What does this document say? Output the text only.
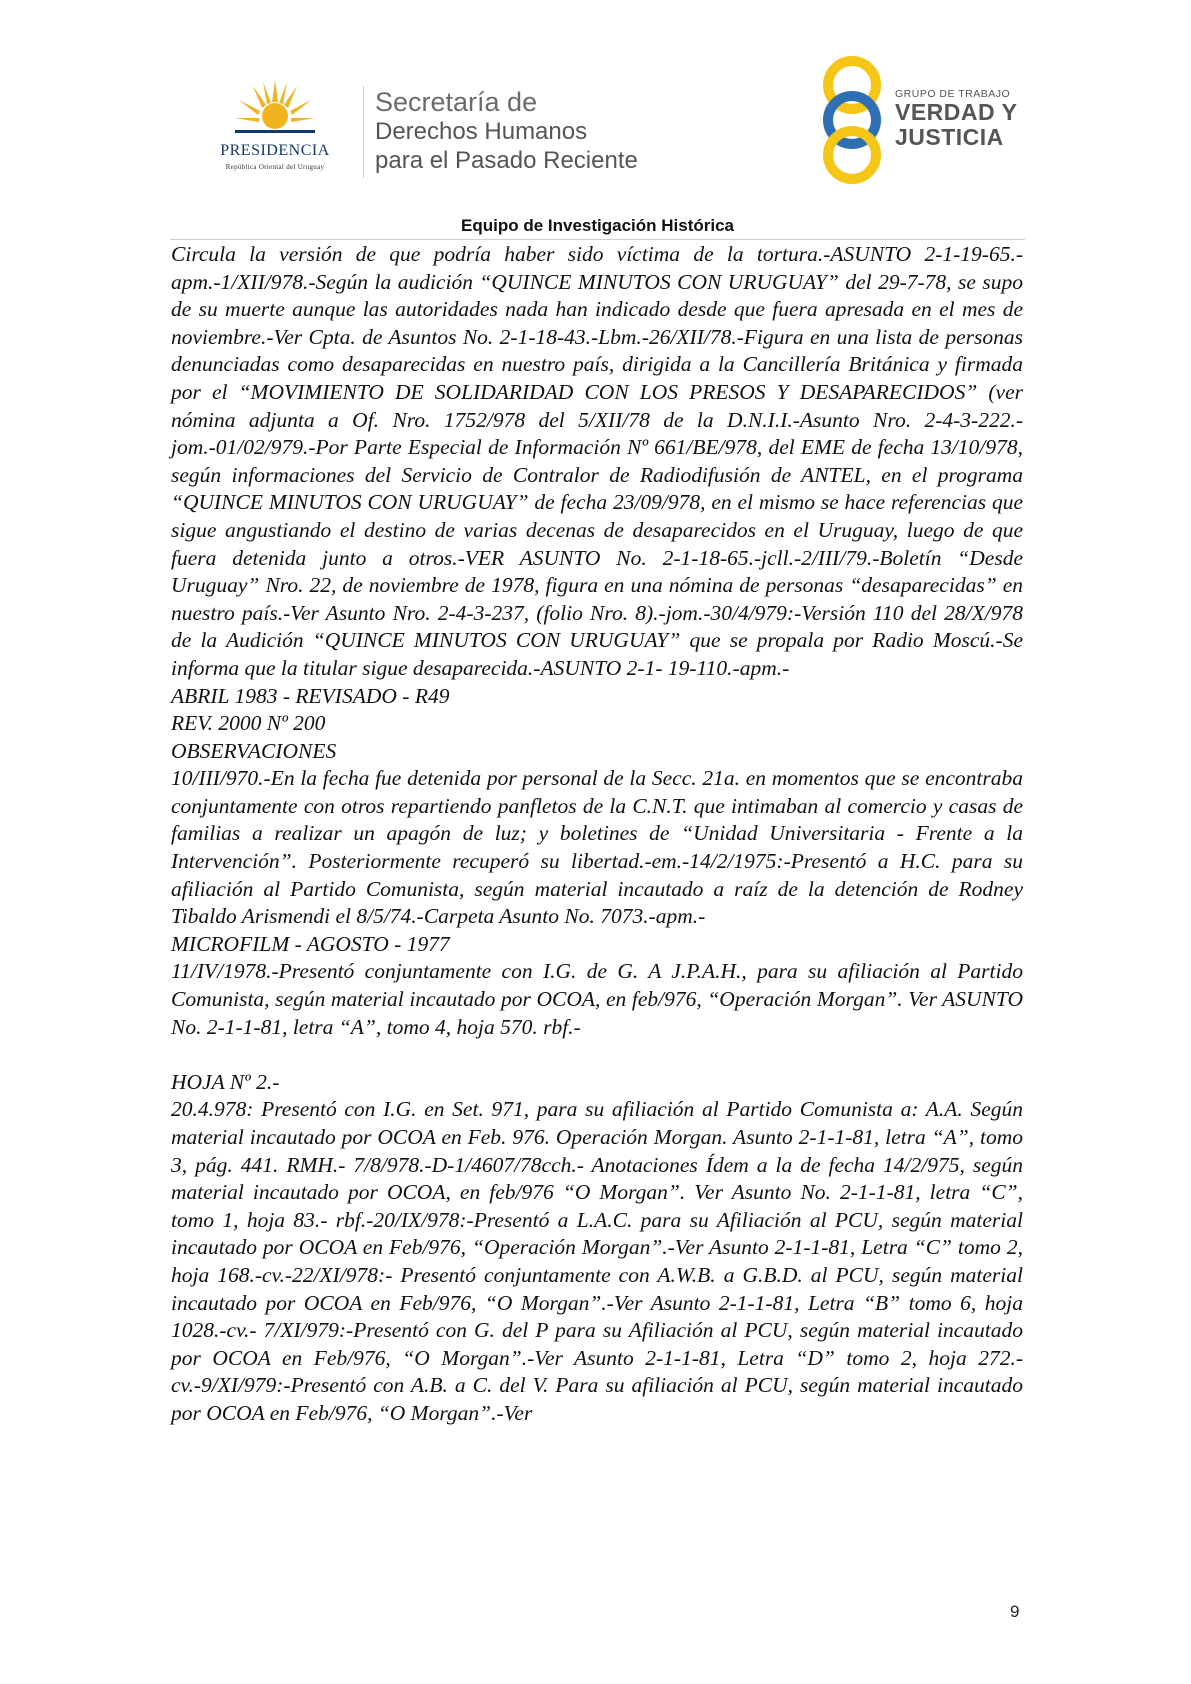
PRESIDENCIA
República Oriental del Uruguay
Secretaría de
Derechos Humanos
para el Pasado Reciente
GRUPO DE TRABAJO
VERDAD Y
JUSTICIA
Equipo de Investigación Histórica

Circula la versión de que podría haber sido víctima de la tortura.-ASUNTO 2-1-19-65.-apm.-1/XII/978.-Según la audición “QUINCE MINUTOS CON URUGUAY” del 29-7-78, se supo de su muerte aunque las autoridades nada han indicado desde que fuera apresada en el mes de noviembre.-Ver Cpta. de Asuntos No. 2-1-18-43.-Lbm.-26/XII/78.-Figura en una lista de personas denunciadas como desaparecidas en nuestro país, dirigida a la Cancillería Británica y firmada por el “MOVIMIENTO DE SOLIDARIDAD CON LOS PRESOS Y DESAPARECIDOS” (ver nómina adjunta a Of. Nro. 1752/978 del 5/XII/78 de la D.N.I.I.-Asunto Nro. 2-4-3-222.-jom.-01/02/979.-Por Parte Especial de Información Nº 661/BE/978, del EME de fecha 13/10/978, según informaciones del Servicio de Contralor de Radiodifusión de ANTEL, en el programa “QUINCE MINUTOS CON URUGUAY” de fecha 23/09/978, en el mismo se hace referencias que sigue angustiando el destino de varias decenas de desaparecidos en el Uruguay, luego de que fuera detenida junto a otros.-VER ASUNTO No. 2-1-18-65.-jcll.-2/III/79.-Boletín “Desde Uruguay” Nro. 22, de noviembre de 1978, figura en una nómina de personas “desaparecidas” en nuestro país.-Ver Asunto Nro. 2-4-3-237, (folio Nro. 8).-jom.-30/4/979:-Versión 110 del 28/X/978 de la Audición “QUINCE MINUTOS CON URUGUAY” que se propala por Radio Moscú.-Se informa que la titular sigue desaparecida.-ASUNTO 2-1- 19-110.-apm.-

ABRIL 1983 - REVISADO - R49
REV. 2000 Nº 200
OBSERVACIONES

10/III/970.-En la fecha fue detenida por personal de la Secc. 21a. en momentos que se encontraba conjuntamente con otros repartiendo panfletos de la C.N.T. que intimaban al comercio y casas de familias a realizar un apagón de luz; y boletines de “Unidad Universitaria - Frente a la Intervención”. Posteriormente recuperó su libertad.-em.-14/2/1975:-Presentó a H.C. para su afiliación al Partido Comunista, según material incautado a raíz de la detención de Rodney Tibaldo Arismendi el 8/5/74.-Carpeta Asunto No. 7073.-apm.-

MICROFILM - AGOSTO - 1977

11/IV/1978.-Presentó conjuntamente con I.G. de G. A J.P.A.H., para su afiliación al Partido Comunista, según material incautado por OCOA, en feb/976, “Operación Morgan”. Ver ASUNTO No. 2-1-1-81, letra “A”, tomo 4, hoja 570. rbf.-

HOJA Nº 2.-

20.4.978: Presentó con I.G. en Set. 971, para su afiliación al Partido Comunista a: A.A. Según material incautado por OCOA en Feb. 976. Operación Morgan. Asunto 2-1-1-81, letra “A”, tomo 3, pág. 441. RMH.- 7/8/978.-D-1/4607/78cch.- Anotaciones Ídem a la de fecha 14/2/975, según material incautado por OCOA, en feb/976 “O Morgan”. Ver Asunto No. 2-1-1-81, letra “C”, tomo 1, hoja 83.- rbf.-20/IX/978:-Presentó a L.A.C. para su Afiliación al PCU, según material incautado por OCOA en Feb/976, “Operación Morgan”.-Ver Asunto 2-1-1-81, Letra “C” tomo 2, hoja 168.-cv.-22/XI/978:- Presentó conjuntamente con A.W.B. a G.B.D. al PCU, según material incautado por OCOA en Feb/976, “O Morgan”.-Ver Asunto 2-1-1-81, Letra “B” tomo 6, hoja 1028.-cv.- 7/XI/979:-Presentó con G. del P para su Afiliación al PCU, según material incautado por OCOA en Feb/976, “O Morgan”.-Ver Asunto 2-1-1-81, Letra “D” tomo 2, hoja 272.-cv.-9/XI/979:-Presentó con A.B. a C. del V. Para su afiliación al PCU, según material incautado por OCOA en Feb/976, “O Morgan”.-Ver

9
